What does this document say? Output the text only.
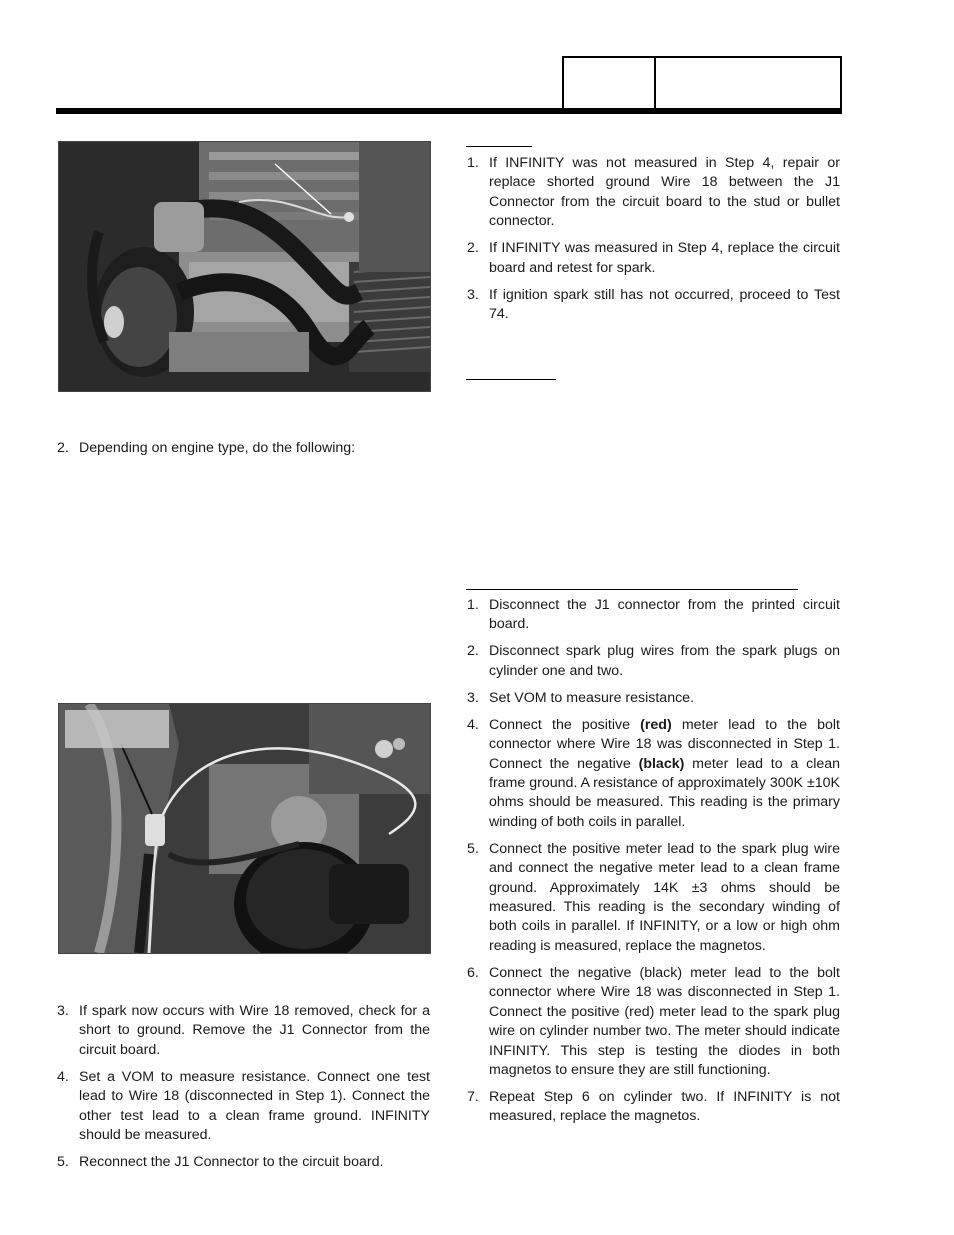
2. Depending on engine type, do the following:
3. If spark now occurs with Wire 18 removed, check for a short to ground. Remove the J1 Connector from the circuit board.
4. Set a VOM to measure resistance. Connect one test lead to Wire 18 (disconnected in Step 1). Connect the other test lead to a clean frame ground. INFINITY should be measured.
5. Reconnect the J1 Connector to the circuit board.
1. If INFINITY was not measured in Step 4, repair or replace shorted ground Wire 18 between the J1 Connector from the circuit board to the stud or bullet connector.
2. If INFINITY was measured in Step 4, replace the circuit board and retest for spark.
3. If ignition spark still has not occurred, proceed to Test 74.
1. Disconnect the J1 connector from the printed circuit board.
2. Disconnect spark plug wires from the spark plugs on cylinder one and two.
3. Set VOM to measure resistance.
4. Connect the positive (red) meter lead to the bolt connector where Wire 18 was disconnected in Step 1. Connect the negative (black) meter lead to a clean frame ground. A resistance of approximately 300K ±10K ohms should be measured. This reading is the primary winding of both coils in parallel.
5. Connect the positive meter lead to the spark plug wire and connect the negative meter lead to a clean frame ground. Approximately 14K ±3 ohms should be measured. This reading is the secondary winding of both coils in parallel. If INFINITY, or a low or high ohm reading is measured, replace the magnetos.
6. Connect the negative (black) meter lead to the bolt connector where Wire 18 was disconnected in Step 1. Connect the positive (red) meter lead to the spark plug wire on cylinder number two. The meter should indicate INFINITY. This step is testing the diodes in both magnetos to ensure they are still functioning.
7. Repeat Step 6 on cylinder two. If INFINITY is not measured, replace the magnetos.
